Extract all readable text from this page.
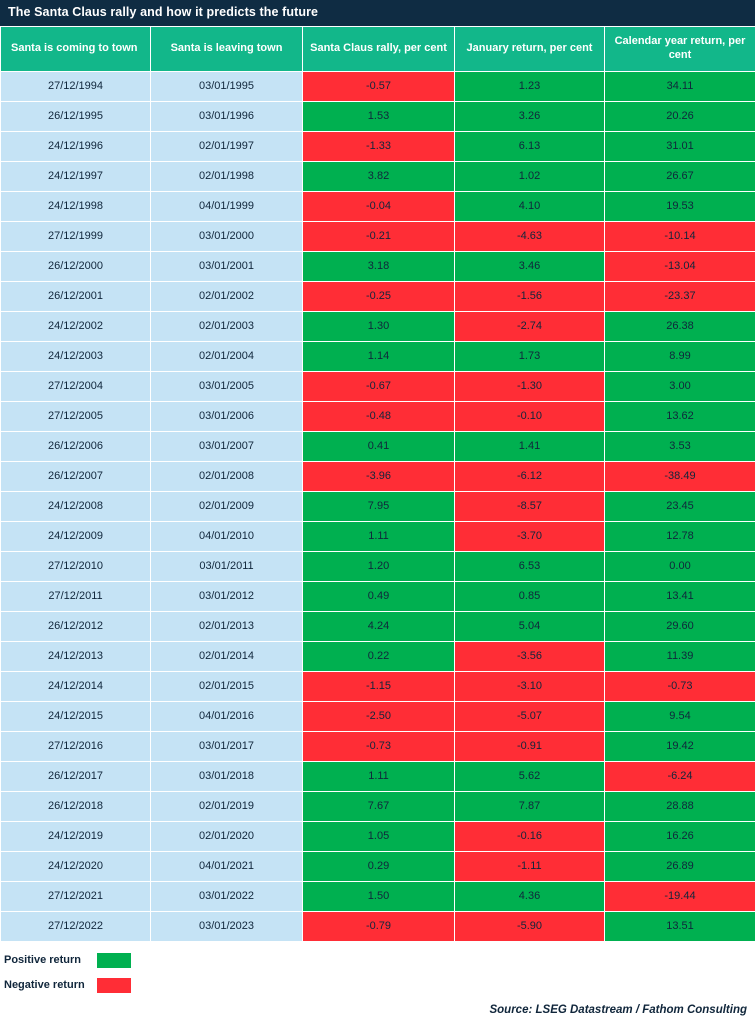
The Santa Claus rally and how it predicts the future
Santa is coming to town	Santa is leaving town	Santa Claus rally, per cent	January return, per cent	Calendar year return, per cent
27/12/1994	03/01/1995	-0.57	1.23	34.11
26/12/1995	03/01/1996	1.53	3.26	20.26
24/12/1996	02/01/1997	-1.33	6.13	31.01
24/12/1997	02/01/1998	3.82	1.02	26.67
24/12/1998	04/01/1999	-0.04	4.10	19.53
27/12/1999	03/01/2000	-0.21	-4.63	-10.14
26/12/2000	03/01/2001	3.18	3.46	-13.04
26/12/2001	02/01/2002	-0.25	-1.56	-23.37
24/12/2002	02/01/2003	1.30	-2.74	26.38
24/12/2003	02/01/2004	1.14	1.73	8.99
27/12/2004	03/01/2005	-0.67	-1.30	3.00
27/12/2005	03/01/2006	-0.48	-0.10	13.62
26/12/2006	03/01/2007	0.41	1.41	3.53
26/12/2007	02/01/2008	-3.96	-6.12	-38.49
24/12/2008	02/01/2009	7.95	-8.57	23.45
24/12/2009	04/01/2010	1.11	-3.70	12.78
27/12/2010	03/01/2011	1.20	6.53	0.00
27/12/2011	03/01/2012	0.49	0.85	13.41
26/12/2012	02/01/2013	4.24	5.04	29.60
24/12/2013	02/01/2014	0.22	-3.56	11.39
24/12/2014	02/01/2015	-1.15	-3.10	-0.73
24/12/2015	04/01/2016	-2.50	-5.07	9.54
27/12/2016	03/01/2017	-0.73	-0.91	19.42
26/12/2017	03/01/2018	1.11	5.62	-6.24
26/12/2018	02/01/2019	7.67	7.87	28.88
24/12/2019	02/01/2020	1.05	-0.16	16.26
24/12/2020	04/01/2021	0.29	-1.11	26.89
27/12/2021	03/01/2022	1.50	4.36	-19.44
27/12/2022	03/01/2023	-0.79	-5.90	13.51
Positive return
Negative return
Source: LSEG Datastream / Fathom Consulting
